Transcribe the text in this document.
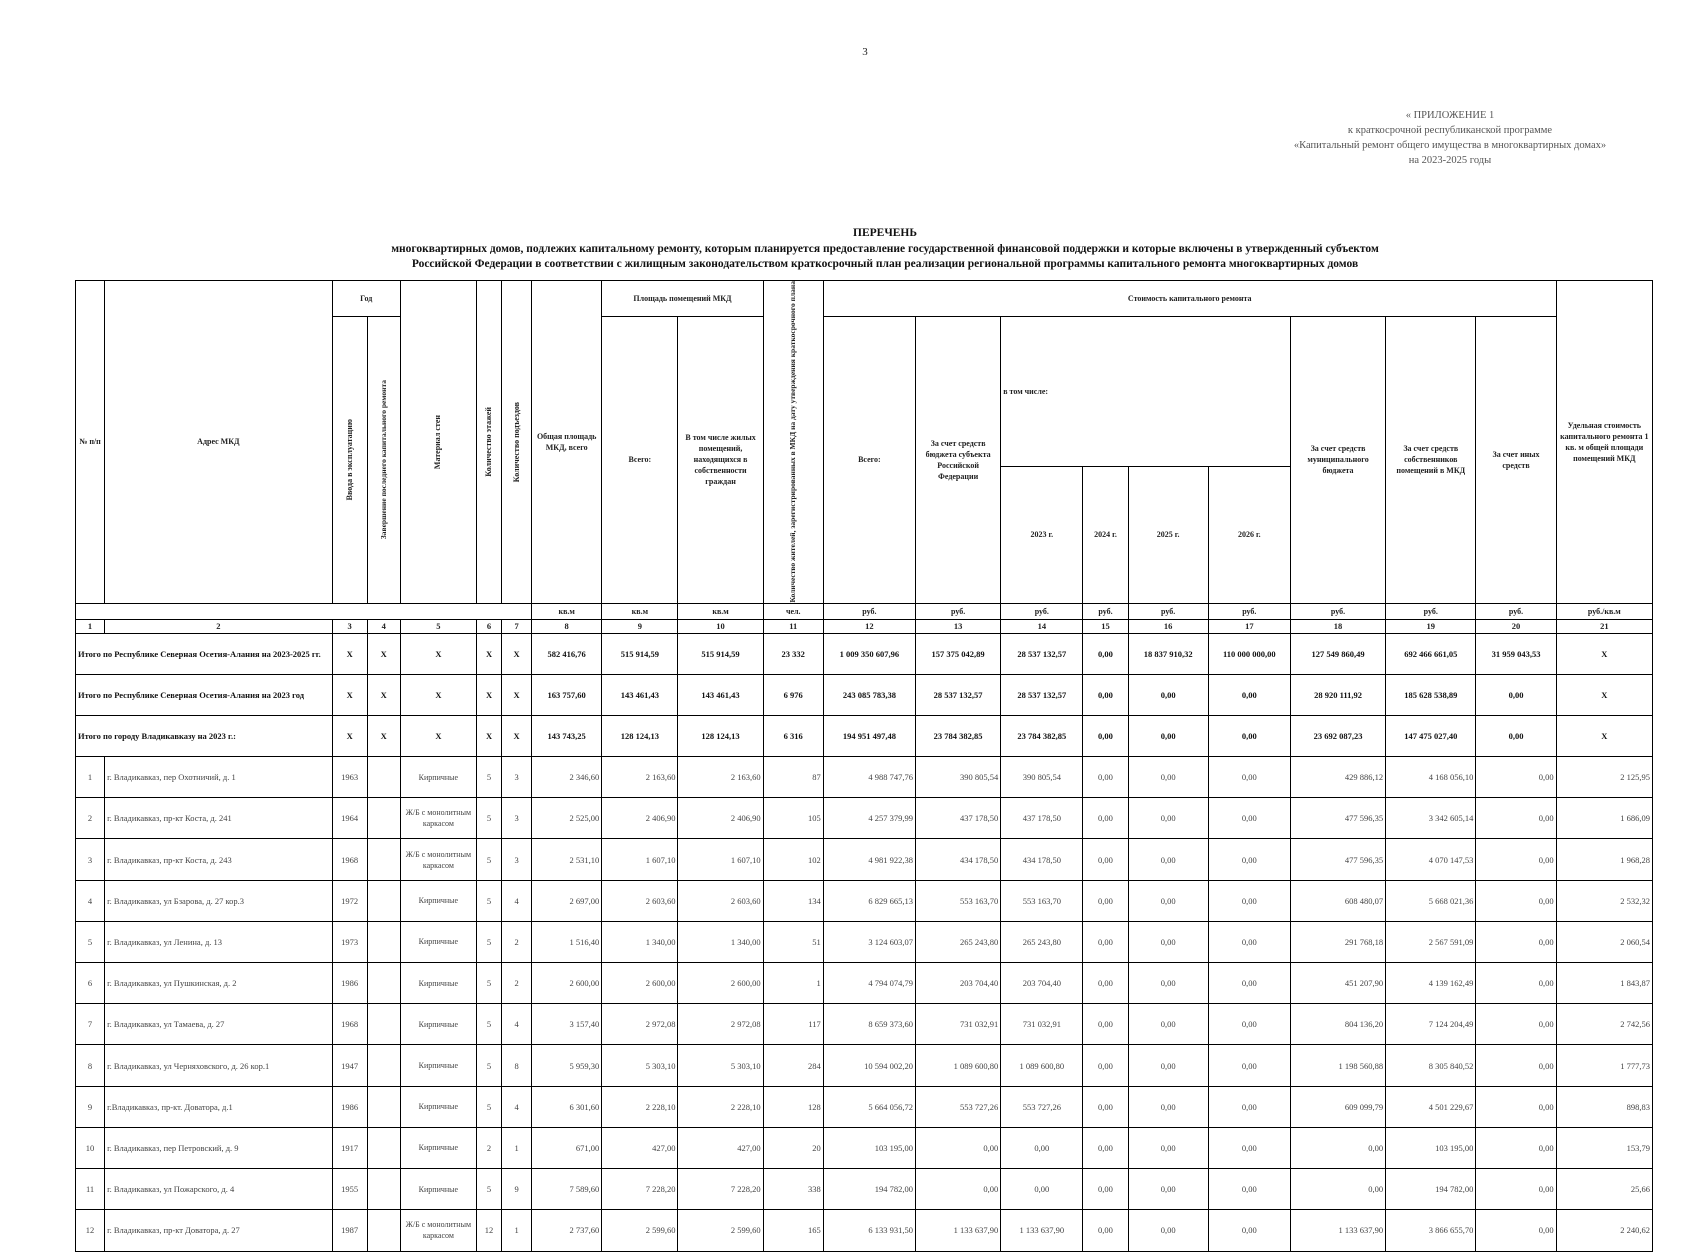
3
« ПРИЛОЖЕНИЕ 1
к краткосрочной республиканской программе
«Капитальный ремонт общего имущества в многоквартирных домах»
на 2023-2025 годы
ПЕРЕЧЕНЬ
многоквартирных домов, подлежих капитальному ремонту, которым планируется предоставление государственной финансовой поддержки и которые включены в утвержденный субъектом
Российской Федерации в соответствии с жилищным законодательством краткосрочный план реализации региональной программы капитального ремонта многоквартирных домов
№ п/п	Адрес МКД	Год		Материал стен	Количество этажей	Количество подъездов	Общая площадь МКД, всего	Площадь помещений МКД		Количество жителей, зарегистрированных в МКД на дату утверждения краткосрочного плана	Стоимость капитального ремонта									Удельная стоимость капитального ремонта 1 кв. м общей площади помещений МКД

		Ввода в эксплуатацию	Завершение последнего капитального ремонта					Всего:	В том числе жилых помещений, находящихся в собственности граждан		Всего:	За счет средств бюджета субъекта Российской Федерации	в том числе:				За счет средств муниципального бюджета	За счет средств собственников помещений в МКД	За счет иных средств	
													2023 г.	2024 г.	2025 г.	2026 г.				
							кв.м	кв.м	кв.м	чел.	руб.	руб.	руб.	руб.	руб.	руб.	руб.	руб.	руб.	руб./кв.м
1	2	3	4	5	6	7	8	9	10	11	12	13	14	15	16	17	18	19	20	21
Итого по Республике Северная Осетия-Алания на 2023-2025 гг.		X	X	X	X	X	582 416,76	515 914,59	515 914,59	23 332	1 009 350 607,96	157 375 042,89	28 537 132,57	0,00	18 837 910,32	110 000 000,00	127 549 860,49	692 466 661,05	31 959 043,53	X
Итого по Республике Северная Осетия-Алания на 2023 год		X	X	X	X	X	163 757,60	143 461,43	143 461,43	6 976	243 085 783,38	28 537 132,57	28 537 132,57	0,00	0,00	0,00	28 920 111,92	185 628 538,89	0,00	X
Итого по городу Владикавказу на 2023 г.:		X	X	X	X	X	143 743,25	128 124,13	128 124,13	6 316	194 951 497,48	23 784 382,85	23 784 382,85	0,00	0,00	0,00	23 692 087,23	147 475 027,40	0,00	X
1	г. Владикавказ, пер Охотничий, д. 1	1963		Кирпичные	5	3	2 346,60	2 163,60	2 163,60	87	4 988 747,76	390 805,54	390 805,54	0,00	0,00	0,00	429 886,12	4 168 056,10	0,00	2 125,95
2	г. Владикавказ, пр-кт Коста, д. 241	1964		Ж/Б с монолитным каркасом	5	3	2 525,00	2 406,90	2 406,90	105	4 257 379,99	437 178,50	437 178,50	0,00	0,00	0,00	477 596,35	3 342 605,14	0,00	1 686,09
3	г. Владикавказ, пр-кт Коста, д. 243	1968		Ж/Б с монолитным каркасом	5	3	2 531,10	1 607,10	1 607,10	102	4 981 922,38	434 178,50	434 178,50	0,00	0,00	0,00	477 596,35	4 070 147,53	0,00	1 968,28
4	г. Владикавказ, ул Бзарова, д. 27 кор.3	1972		Кирпичные	5	4	2 697,00	2 603,60	2 603,60	134	6 829 665,13	553 163,70	553 163,70	0,00	0,00	0,00	608 480,07	5 668 021,36	0,00	2 532,32
5	г. Владикавказ, ул Ленина, д. 13	1973		Кирпичные	5	2	1 516,40	1 340,00	1 340,00	51	3 124 603,07	265 243,80	265 243,80	0,00	0,00	0,00	291 768,18	2 567 591,09	0,00	2 060,54
6	г. Владикавказ, ул Пушкинская, д. 2	1986		Кирпичные	5	2	2 600,00	2 600,00	2 600,00	1	4 794 074,79	203 704,40	203 704,40	0,00	0,00	0,00	451 207,90	4 139 162,49	0,00	1 843,87
7	г. Владикавказ, ул Тамаева, д. 27	1968		Кирпичные	5	4	3 157,40	2 972,08	2 972,08	117	8 659 373,60	731 032,91	731 032,91	0,00	0,00	0,00	804 136,20	7 124 204,49	0,00	2 742,56
8	г. Владикавказ, ул Черняховского, д. 26 кор.1	1947		Кирпичные	5	8	5 959,30	5 303,10	5 303,10	284	10 594 002,20	1 089 600,80	1 089 600,80	0,00	0,00	0,00	1 198 560,88	8 305 840,52	0,00	1 777,73
9	г.Владикавказ, пр-кт. Доватора, д.1	1986		Кирпичные	5	4	6 301,60	2 228,10	2 228,10	128	5 664 056,72	553 727,26	553 727,26	0,00	0,00	0,00	609 099,79	4 501 229,67	0,00	898,83
10	г. Владикавказ, пер Петровский, д. 9	1917		Кирпичные	2	1	671,00	427,00	427,00	20	103 195,00	0,00	0,00	0,00	0,00	0,00	0,00	103 195,00	0,00	153,79
11	г. Владикавказ, ул Пожарского, д. 4	1955		Кирпичные	5	9	7 589,60	7 228,20	7 228,20	338	194 782,00	0,00	0,00	0,00	0,00	0,00	0,00	194 782,00	0,00	25,66
12	г. Владикавказ, пр-кт Доватора, д. 27	1987		Ж/Б с монолитным каркасом	12	1	2 737,60	2 599,60	2 599,60	165	6 133 931,50	1 133 637,90	1 133 637,90	0,00	0,00	0,00	1 133 637,90	3 866 655,70	0,00	2 240,62
